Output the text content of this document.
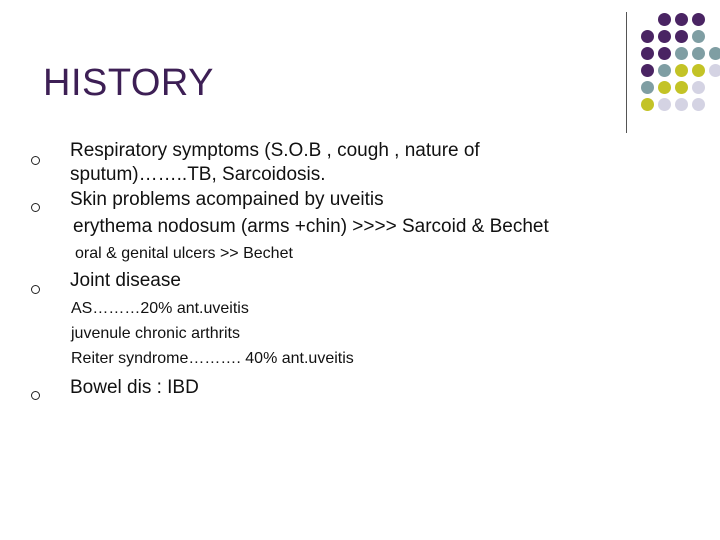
HISTORY
Respiratory symptoms (S.O.B , cough , nature of
sputum)……..TB, Sarcoidosis.
Skin problems acompained by uveitis
erythema nodosum (arms +chin) >>>> Sarcoid & Bechet
oral & genital ulcers >> Bechet
Joint disease
AS………20% ant.uveitis
juvenule chronic arthrits
Reiter syndrome………. 40% ant.uveitis
Bowel dis : IBD
